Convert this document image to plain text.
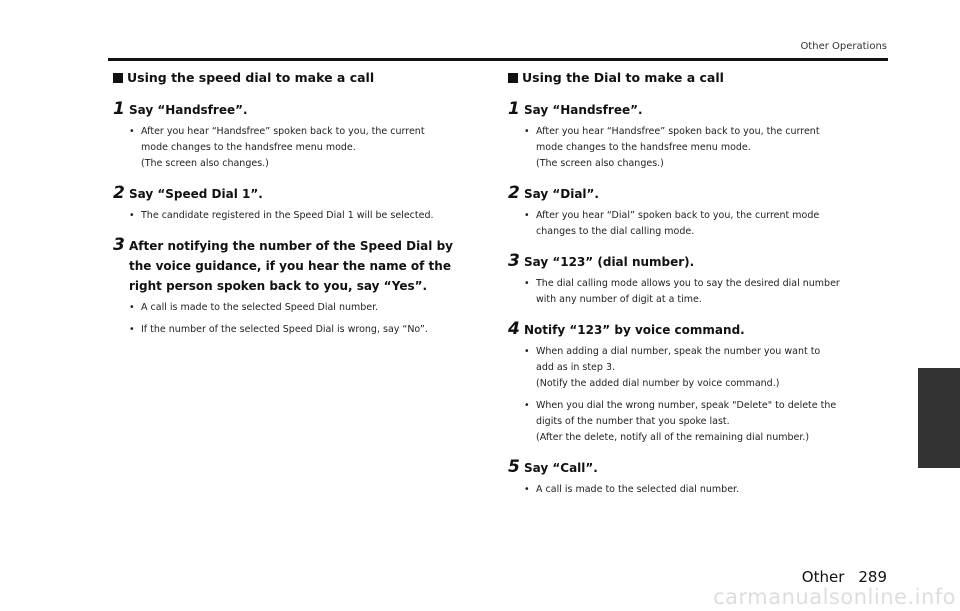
Other Operations
Using the speed dial to make a call
1 Say “Handsfree”.
• After you hear “Handsfree” spoken back to you, the current
mode changes to the handsfree menu mode.
(The screen also changes.)
2 Say “Speed Dial 1”.
• The candidate registered in the Speed Dial 1 will be selected.
3 After notifying the number of the Speed Dial by the voice guidance, if you hear the name of the right person spoken back to you, say “Yes”.
• A call is made to the selected Speed Dial number.
• If the number of the selected Speed Dial is wrong, say “No”.
Using the Dial to make a call
1 Say “Handsfree”.
• After you hear “Handsfree” spoken back to you, the current
mode changes to the handsfree menu mode.
(The screen also changes.)
2 Say “Dial”.
• After you hear “Dial” spoken back to you, the current mode
changes to the dial calling mode.
3 Say “123” (dial number).
• The dial calling mode allows you to say the desired dial number
with any number of digit at a time.
4 Notify “123” by voice command.
• When adding a dial number, speak the number you want to
add as in step 3.
(Notify the added dial number by voice command.)
• When you dial the wrong number, speak "Delete" to delete the
digits of the number that you spoke last.
(After the delete, notify all of the remaining dial number.)
5 Say “Call”.
• A call is made to the selected dial number.
Other 289
carmanualsonline.info
